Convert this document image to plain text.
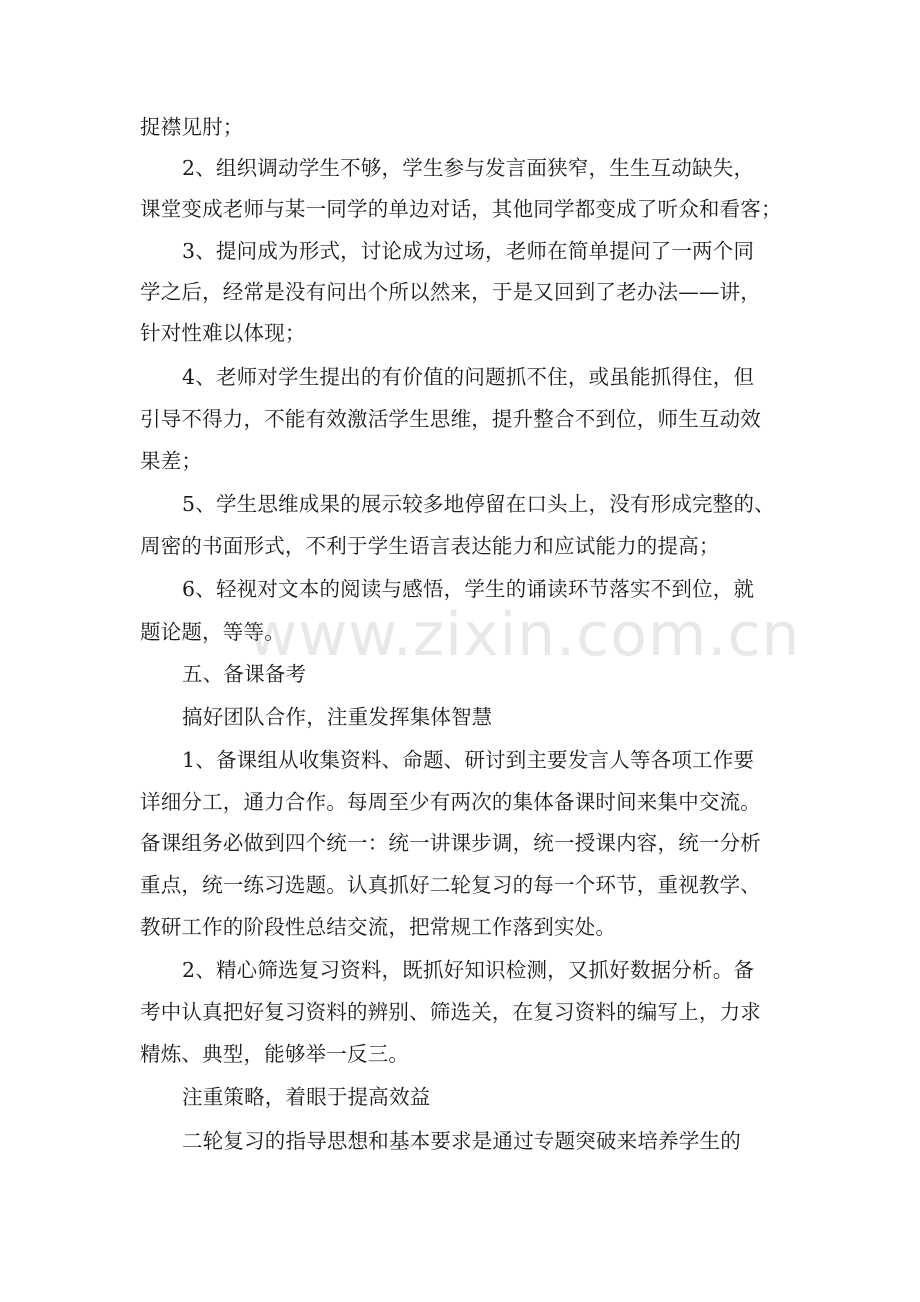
捉襟见肘；
2、组织调动学生不够，学生参与发言面狭窄，生生互动缺失，
课堂变成老师与某一同学的单边对话，其他同学都变成了听众和看客；
3、提问成为形式，讨论成为过场，老师在简单提问了一两个同
学之后，经常是没有问出个所以然来，于是又回到了老办法——讲，
针对性难以体现；
4、老师对学生提出的有价值的问题抓不住，或虽能抓得住，但
引导不得力，不能有效激活学生思维，提升整合不到位，师生互动效
果差；
5、学生思维成果的展示较多地停留在口头上，没有形成完整的、
周密的书面形式，不利于学生语言表达能力和应试能力的提高；
6、轻视对文本的阅读与感悟，学生的诵读环节落实不到位，就
题论题，等等。
五、备课备考
搞好团队合作，注重发挥集体智慧
1、备课组从收集资料、命题、研讨到主要发言人等各项工作要
详细分工，通力合作。每周至少有两次的集体备课时间来集中交流。
备课组务必做到四个统一：统一讲课步调，统一授课内容，统一分析
重点，统一练习选题。认真抓好二轮复习的每一个环节，重视教学、
教研工作的阶段性总结交流，把常规工作落到实处。
2、精心筛选复习资料，既抓好知识检测，又抓好数据分析。备
考中认真把好复习资料的辨别、筛选关，在复习资料的编写上，力求
精炼、典型，能够举一反三。
注重策略，着眼于提高效益
二轮复习的指导思想和基本要求是通过专题突破来培养学生的
www.zixin.com.cn
